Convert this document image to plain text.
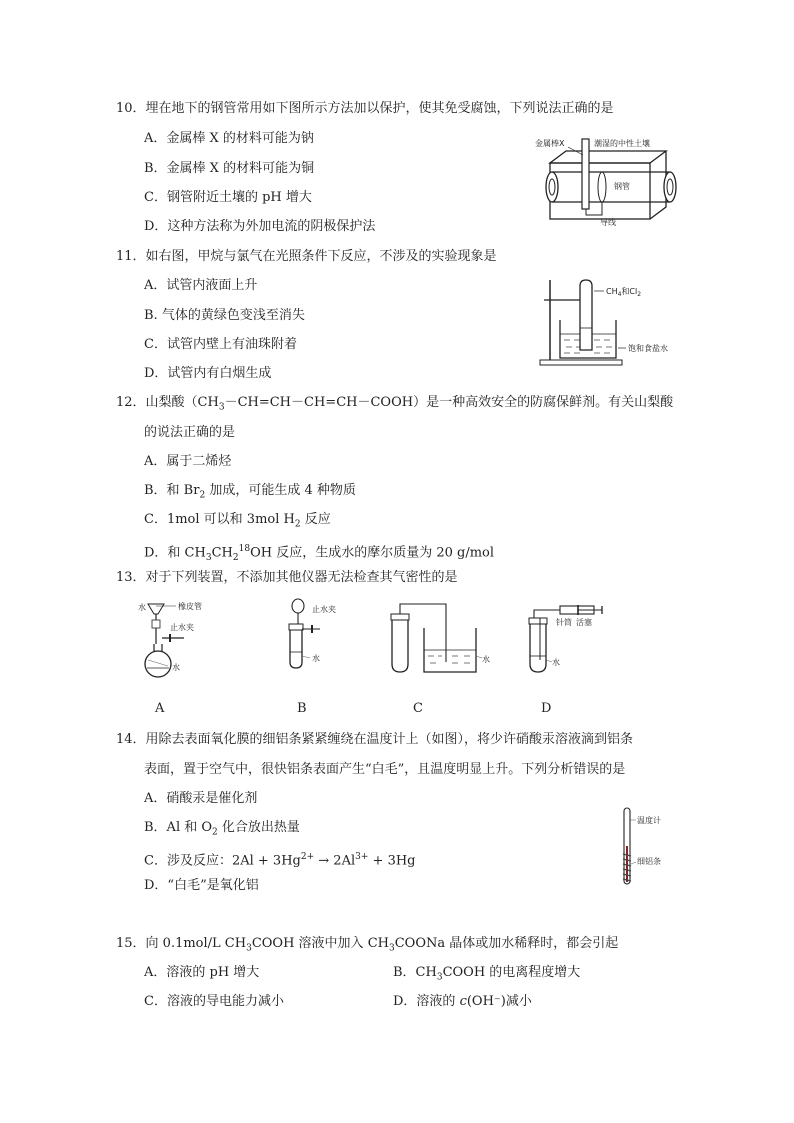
10．埋在地下的钢管常用如下图所示方法加以保护，使其免受腐蚀，下列说法正确的是
A．金属棒 X 的材料可能为钠
B．金属棒 X 的材料可能为铜
C．钢管附近土壤的 pH 增大
D．这种方法称为外加电流的阴极保护法
金属棒X	潮湿的中性土壤
钢管
导线
11．如右图，甲烷与氯气在光照条件下反应，不涉及的实验现象是
A．试管内液面上升
B. 气体的黄绿色变浅至消失
C．试管内壁上有油珠附着
D．试管内有白烟生成
$CH_4$和$Cl_2$
饱和食盐水
12．山梨酸$(CH_3-CH=CH-CH=CH-COOH)$是一种高效安全的防腐保鲜剂。有关山梨酸
的说法正确的是
A．属于二烯烃
B．和 $Br_2$ 加成，可能生成 4 种物质
C．1mol 可以和 3mol $H_2$ 反应
D．和 $CH_3CH_2^{18}OH$ 反应，生成水的摩尔质量为 20 g/mol
13．对于下列装置，不添加其他仪器无法检查其气密性的是
水	橡皮管
止水夹
水
止水夹
水	水
针筒 活塞
水
A	B	C	D
14．用除去表面氧化膜的细铝条紧紧缠绕在温度计上（如图），将少许硝酸汞溶液滴到铝条
表面，置于空气中，很快铝条表面产生“白毛”，且温度明显上升。下列分析错误的是
A．硝酸汞是催化剂
B．Al 和 $O_2$ 化合放出热量
C．涉及反应：$2Al + 3Hg^{2+} \to 2Al^{3+} + 3Hg$
D．“白毛”是氧化铝
温度计
细铝条
15．向 0.1mol/L $CH_3COOH$ 溶液中加入 $CH_3COONa$ 晶体或加水稀释时，都会引起
A．溶液的 pH 增大	B．$CH_3COOH$ 的电离程度增大
C．溶液的导电能力减小	D．溶液的 c(OH⁻)减小
